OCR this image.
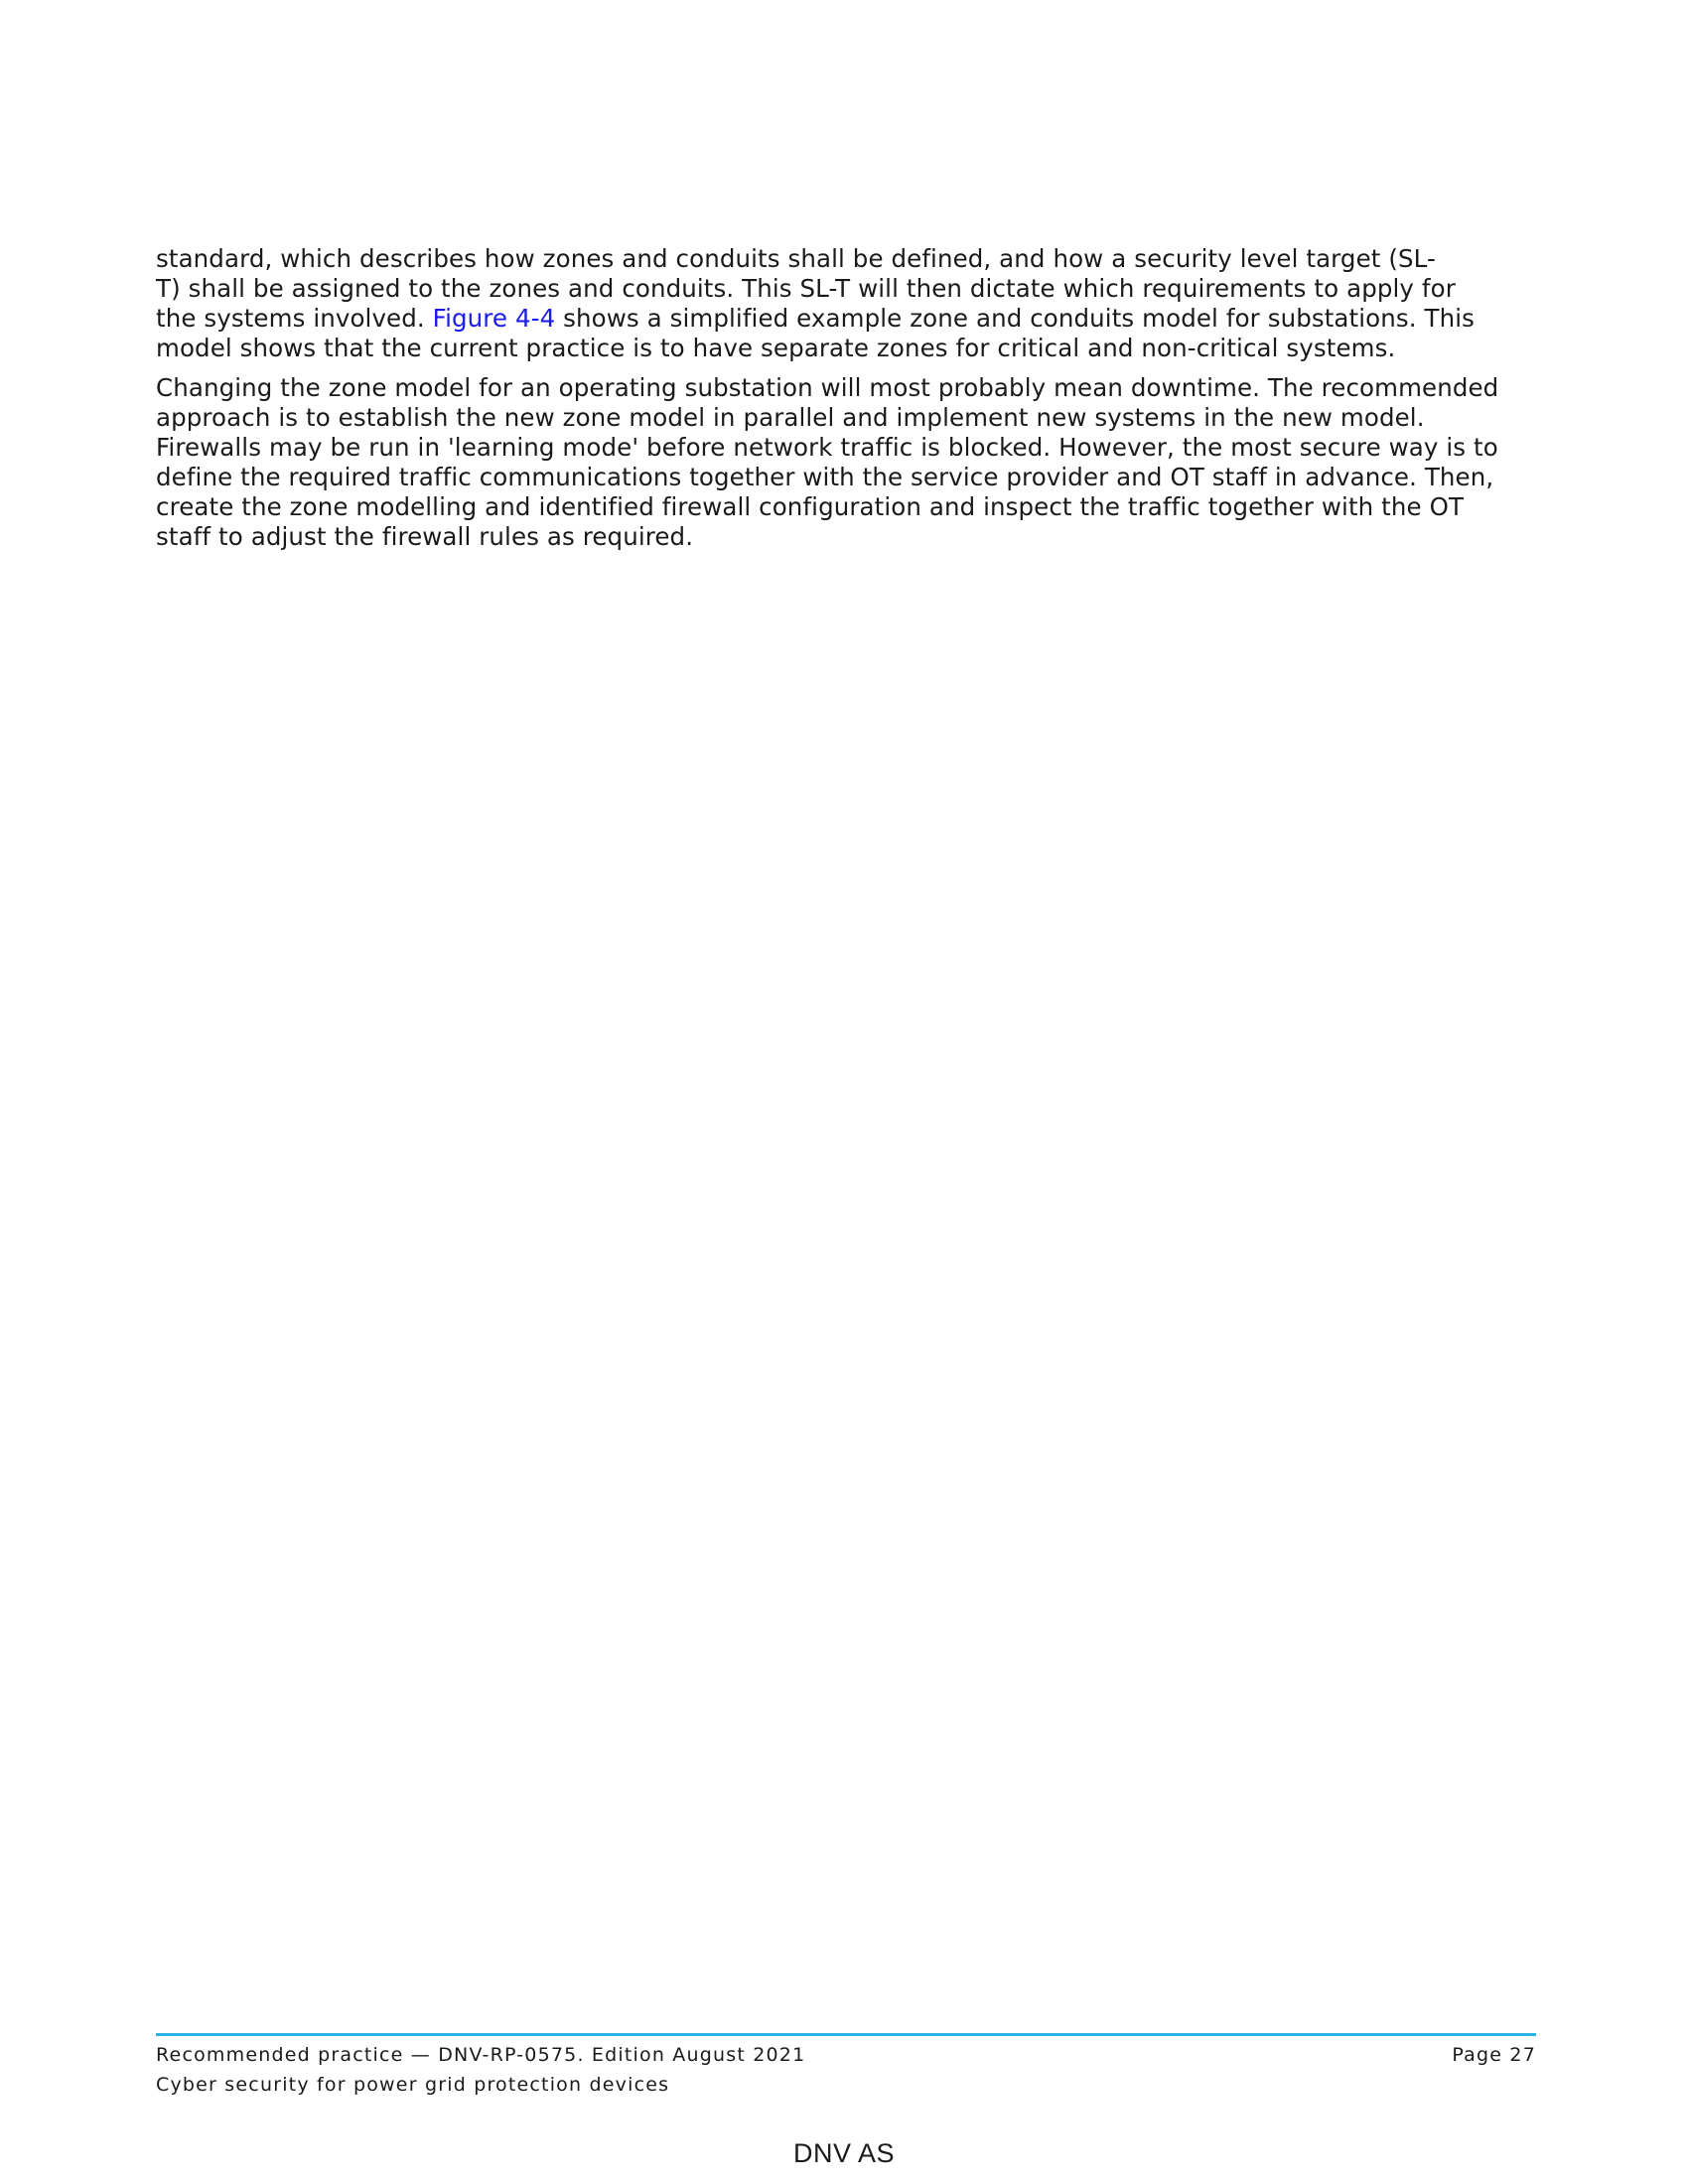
standard, which describes how zones and conduits shall be defined, and how a security level target (SL-
T) shall be assigned to the zones and conduits. This SL-T will then dictate which requirements to apply for
the systems involved. Figure 4-4 shows a simplified example zone and conduits model for substations. This
model shows that the current practice is to have separate zones for critical and non-critical systems.

Changing the zone model for an operating substation will most probably mean downtime. The recommended
approach is to establish the new zone model in parallel and implement new systems in the new model.
Firewalls may be run in 'learning mode' before network traffic is blocked. However, the most secure way is to
define the required traffic communications together with the service provider and OT staff in advance. Then,
create the zone modelling and identified firewall configuration and inspect the traffic together with the OT
staff to adjust the firewall rules as required.

Recommended practice — DNV-RP-0575. Edition August 2021	Page 27
Cyber security for power grid protection devices
DNV AS
